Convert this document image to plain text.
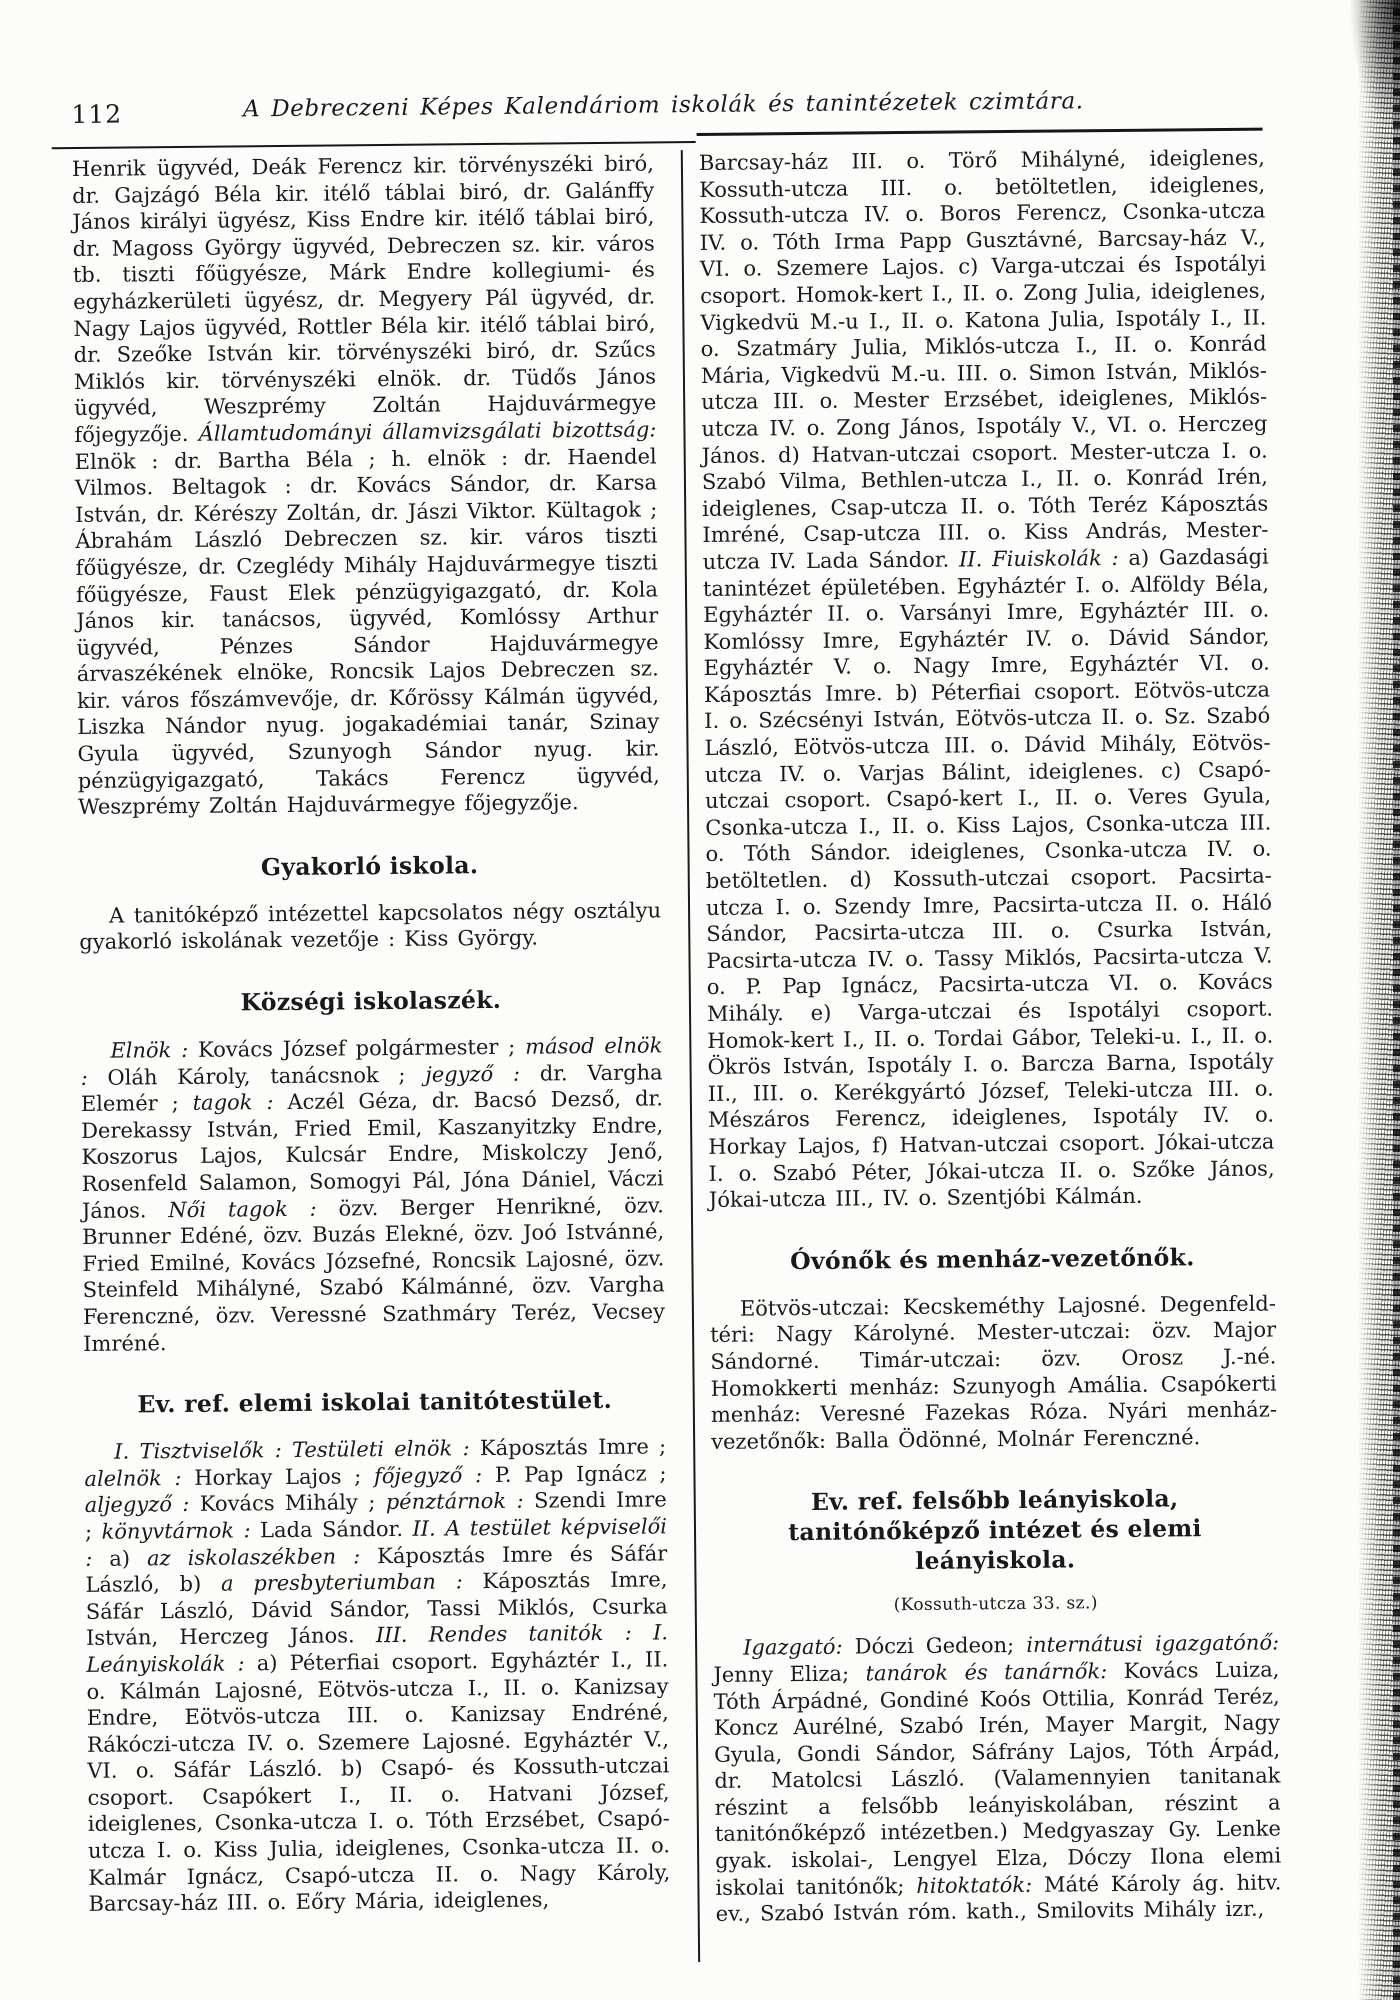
112	A Debreczeni Képes Kalendáriom iskolák és tanintézetek czimtára.

Henrik ügyvéd, Deák Ferencz kir. törvényszéki biró, dr. Gajzágó Béla kir. itélő táblai biró, dr. Galánffy János királyi ügyész, Kiss Endre kir. itélő táblai biró, dr. Magoss György ügyvéd, Debreczen sz. kir. város tb. tiszti főügyésze, Márk Endre kollegiumi- és egyházkerületi ügyész, dr. Megyery Pál ügyvéd, dr. Nagy Lajos ügyvéd, Rottler Béla kir. itélő táblai biró, dr. Szeőke István kir. törvényszéki biró, dr. Szűcs Miklós kir. törvényszéki elnök. dr. Tüdős János ügyvéd, Weszprémy Zoltán Hajduvármegye főjegyzője. Államtudományi államvizsgálati bizottság: Elnök : dr. Bartha Béla ; h. elnök : dr. Haendel Vilmos. Beltagok : dr. Kovács Sándor, dr. Karsa István, dr. Kérészy Zoltán, dr. Jászi Viktor. Kültagok ; Ábrahám László Debreczen sz. kir. város tiszti főügyésze, dr. Czeglédy Mihály Hajduvármegye tiszti főügyésze, Faust Elek pénzügyigazgató, dr. Kola János kir. tanácsos, ügyvéd, Komlóssy Arthur ügyvéd, Pénzes Sándor Hajduvármegye árvaszékének elnöke, Roncsik Lajos Debreczen sz. kir. város főszámvevője, dr. Kőrössy Kálmán ügyvéd, Liszka Nándor nyug. jogakadémiai tanár, Szinay Gyula ügyvéd, Szunyogh Sándor nyug. kir. pénzügyigazgató, Takács Ferencz ügyvéd, Weszprémy Zoltán Hajduvármegye főjegyzője.

Gyakorló iskola.

A tanitóképző intézettel kapcsolatos négy osztályu gyakorló iskolának vezetője : Kiss György.

Községi iskolaszék.

Elnök : Kovács József polgármester ; másod elnök : Oláh Károly, tanácsnok ; jegyző : dr. Vargha Elemér ; tagok : Aczél Géza, dr. Bacsó Dezső, dr. Derekassy István, Fried Emil, Kaszanyitzky Endre, Koszorus Lajos, Kulcsár Endre, Miskolczy Jenő, Rosenfeld Salamon, Somogyi Pál, Jóna Dániel, Váczi János. Női tagok : özv. Berger Henrikné, özv. Brunner Edéné, özv. Buzás Elekné, özv. Joó Istvánné, Fried Emilné, Kovács Józsefné, Roncsik Lajosné, özv. Steinfeld Mihályné, Szabó Kálmánné, özv. Vargha Ferenczné, özv. Veressné Szathmáry Teréz, Vecsey Imréné.

Ev. ref. elemi iskolai tanitótestület.

I. Tisztviselők : Testületi elnök : Káposztás Imre ; alelnök : Horkay Lajos ; főjegyző : P. Pap Ignácz ; aljegyző : Kovács Mihály ; pénztárnok : Szendi Imre ; könyvtárnok : Lada Sándor. II. A testület képviselői : a) az iskolaszékben : Káposztás Imre és Sáfár László, b) a presbyteriumban : Káposztás Imre, Sáfár László, Dávid Sándor, Tassi Miklós, Csurka István, Herczeg János. III. Rendes tanitók : I. Leányiskolák : a) Péterfiai csoport. Egyháztér I., II. o. Kálmán Lajosné, Eötvös-utcza I., II. o. Kanizsay Endre, Eötvös-utcza III. o. Kanizsay Endréné, Rákóczi-utcza IV. o. Szemere Lajosné. Egyháztér V., VI. o. Sáfár László. b) Csapó- és Kossuth-utczai csoport. Csapókert I., II. o. Hatvani József, ideiglenes, Csonka-utcza I. o. Tóth Erzsébet, Csapó-utcza I. o. Kiss Julia, ideiglenes, Csonka-utcza II. o. Kalmár Ignácz, Csapó-utcza II. o. Nagy Károly, Barcsay-ház III. o. Eőry Mária, ideiglenes,

Barcsay-ház III. o. Törő Mihályné, ideiglenes, Kossuth-utcza III. o. betöltetlen, ideiglenes, Kossuth-utcza IV. o. Boros Ferencz, Csonka-utcza IV. o. Tóth Irma Papp Gusztávné, Barcsay-ház V., VI. o. Szemere Lajos. c) Varga-utczai és Ispotályi csoport. Homok-kert I., II. o. Zong Julia, ideiglenes, Vigkedvü M.-u I., II. o. Katona Julia, Ispotály I., II. o. Szatmáry Julia, Miklós-utcza I., II. o. Konrád Mária, Vigkedvü M.-u. III. o. Simon István, Miklós-utcza III. o. Mester Erzsébet, ideiglenes, Miklós-utcza IV. o. Zong János, Ispotály V., VI. o. Herczeg János. d) Hatvan-utczai csoport. Mester-utcza I. o. Szabó Vilma, Bethlen-utcza I., II. o. Konrád Irén, ideiglenes, Csap-utcza II. o. Tóth Teréz Káposztás Imréné, Csap-utcza III. o. Kiss András, Mester-utcza IV. Lada Sándor. II. Fiuiskolák : a) Gazdasági tanintézet épületében. Egyháztér I. o. Alföldy Béla, Egyháztér II. o. Varsányi Imre, Egyháztér III. o. Komlóssy Imre, Egyháztér IV. o. Dávid Sándor, Egyháztér V. o. Nagy Imre, Egyháztér VI. o. Káposztás Imre. b) Péterfiai csoport. Eötvös-utcza I. o. Szécsényi István, Eötvös-utcza II. o. Sz. Szabó László, Eötvös-utcza III. o. Dávid Mihály, Eötvös-utcza IV. o. Varjas Bálint, ideiglenes. c) Csapó-utczai csoport. Csapó-kert I., II. o. Veres Gyula, Csonka-utcza I., II. o. Kiss Lajos, Csonka-utcza III. o. Tóth Sándor. ideiglenes, Csonka-utcza IV. o. betöltetlen. d) Kossuth-utczai csoport. Pacsirta-utcza I. o. Szendy Imre, Pacsirta-utcza II. o. Háló Sándor, Pacsirta-utcza III. o. Csurka István, Pacsirta-utcza IV. o. Tassy Miklós, Pacsirta-utcza V. o. P. Pap Ignácz, Pacsirta-utcza VI. o. Kovács Mihály. e) Varga-utczai és Ispotályi csoport. Homok-kert I., II. o. Tordai Gábor, Teleki-u. I., II. o. Ökrös István, Ispotály I. o. Barcza Barna, Ispotály II., III. o. Kerékgyártó József, Teleki-utcza III. o. Mészáros Ferencz, ideiglenes, Ispotály IV. o. Horkay Lajos, f) Hatvan-utczai csoport. Jókai-utcza I. o. Szabó Péter, Jókai-utcza II. o. Szőke János, Jókai-utcza III., IV. o. Szentjóbi Kálmán.

Óvónők és menház-vezetőnők.

Eötvös-utczai: Kecskeméthy Lajosné. Degenfeld-téri: Nagy Károlyné. Mester-utczai: özv. Major Sándorné. Timár-utczai: özv. Orosz J.-né. Homokkerti menház: Szunyogh Amália. Csapókerti menház: Veresné Fazekas Róza. Nyári menház-vezetőnők: Balla Ödönné, Molnár Ferenczné.

Ev. ref. felsőbb leányiskola, tanitónőképző intézet és elemi leányiskola.
(Kossuth-utcza 33. sz.)

Igazgató: Dóczi Gedeon; internátusi igazgatónő: Jenny Eliza; tanárok és tanárnők: Kovács Luiza, Tóth Árpádné, Gondiné Koós Ottilia, Konrád Teréz, Koncz Aurélné, Szabó Irén, Mayer Margit, Nagy Gyula, Gondi Sándor, Sáfrány Lajos, Tóth Árpád, dr. Matolcsi László. (Valamennyien tanitanak részint a felsőbb leányiskolában, részint a tanitónőképző intézetben.) Medgyaszay Gy. Lenke gyak. iskolai-, Lengyel Elza, Dóczy Ilona elemi iskolai tanitónők; hitoktatók: Máté Károly ág. hitv. ev., Szabó István róm. kath., Smilovits Mihály izr.,
